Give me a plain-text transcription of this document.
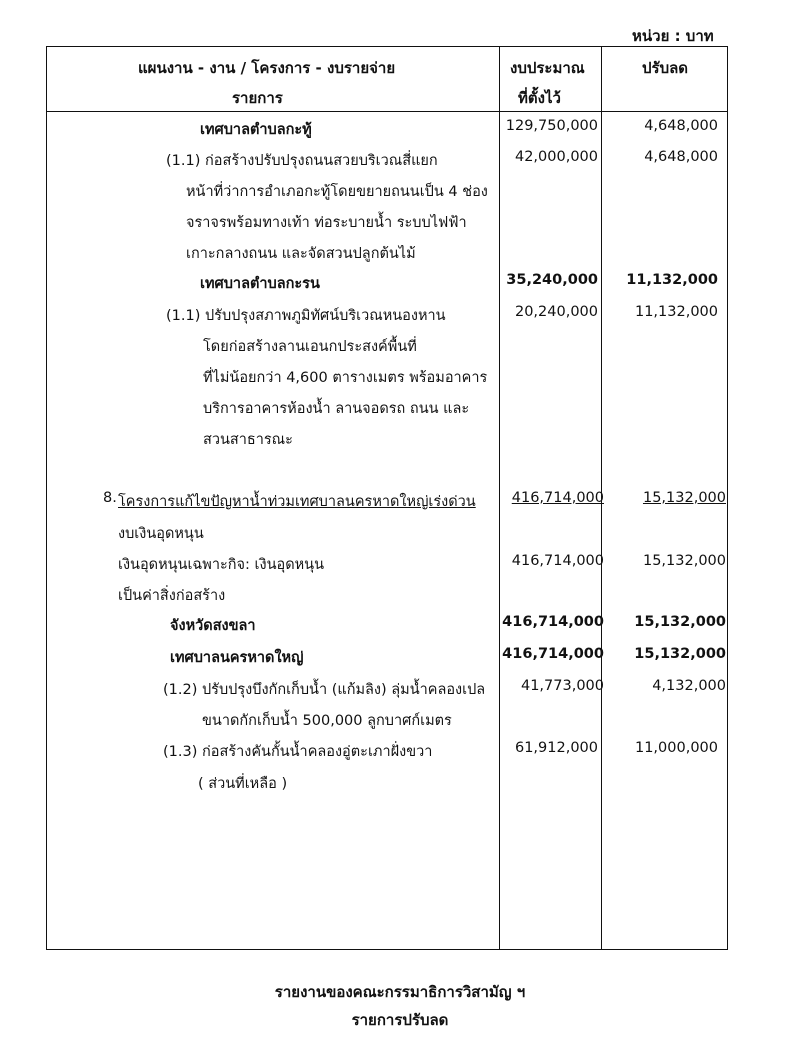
หน่วย : บาท
แผนงาน - งาน / โครงการ - งบรายจ่าย
รายการ
งบประมาณ
ที่ตั้งไว้
ปรับลด
เทศบาลตำบลกะทู้	129,750,000	4,648,000
(1.1) ก่อสร้างปรับปรุงถนนสวยบริเวณสี่แยก	42,000,000	4,648,000
หน้าที่ว่าการอำเภอกะทู้โดยขยายถนนเป็น 4 ช่อง
จราจรพร้อมทางเท้า ท่อระบายน้ำ ระบบไฟฟ้า
เกาะกลางถนน และจัดสวนปลูกต้นไม้
เทศบาลตำบลกะรน	35,240,000 11,132,000
(1.1) ปรับปรุงสภาพภูมิทัศน์บริเวณหนองหาน	20,240,000	11,132,000
โดยก่อสร้างลานเอนกประสงค์พื้นที่
ที่ไม่น้อยกว่า 4,600 ตารางเมตร พร้อมอาคาร
บริการอาคารห้องน้ำ ลานจอดรถ ถนน และ
สวนสาธารณะ
8. โครงการแก้ไขปัญหาน้ำท่วมเทศบาลนครหาดใหญ่เร่งด่วน 416,714,000	15,132,000
งบเงินอุดหนุน
เงินอุดหนุนเฉพาะกิจ: เงินอุดหนุน	416,714,000	15,132,000
เป็นค่าสิ่งก่อสร้าง
จังหวัดสงขลา	416,714,000 15,132,000
เทศบาลนครหาดใหญ่	416,714,000 15,132,000
(1.2) ปรับปรุงบึงกักเก็บน้ำ (แก้มลิง) ลุ่มน้ำคลองเปล 41,773,000	4,132,000
ขนาดกักเก็บน้ำ 500,000 ลูกบาศก์เมตร
(1.3) ก่อสร้างคันกั้นน้ำคลองอู่ตะเภาฝั่งขวา	61,912,000	11,000,000
( ส่วนที่เหลือ )
รายงานของคณะกรรมาธิการวิสามัญ ฯ
รายการปรับลด
